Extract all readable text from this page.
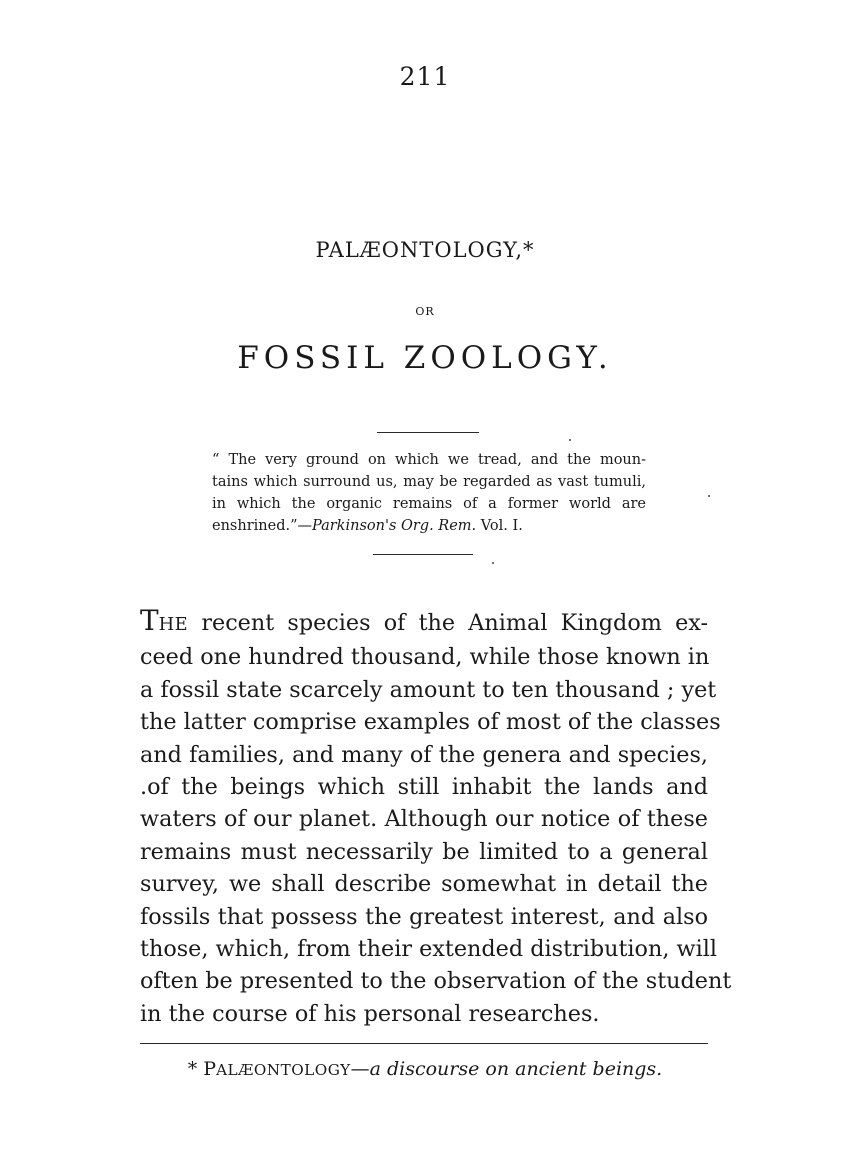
211
PALÆONTOLOGY,*
OR
FOSSIL ZOOLOGY.
“ The very ground on which we tread, and the moun-
tains which surround us, may be regarded as vast tumuli,
in which the organic remains of a former world are
enshrined.”—Parkinson's Org. Rem. Vol. I.
THE recent species of the Animal Kingdom ex-
ceed one hundred thousand, while those known in
a fossil state scarcely amount to ten thousand ; yet
the latter comprise examples of most of the classes
and families, and many of the genera and species,
.of the beings which still inhabit the lands and
waters of our planet. Although our notice of these
remains must necessarily be limited to a general
survey, we shall describe somewhat in detail the
fossils that possess the greatest interest, and also
those, which, from their extended distribution, will
often be presented to the observation of the student
in the course of his personal researches.
* PALÆONTOLOGY—a discourse on ancient beings.
